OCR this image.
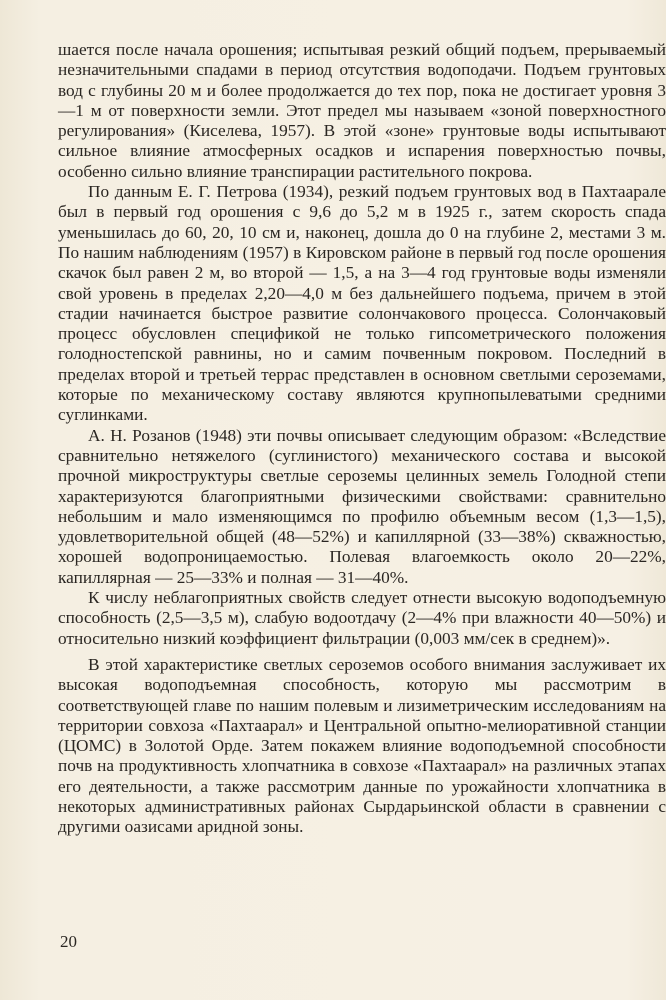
шается после начала орошения; испытывая резкий общий подъем, прерываемый незначительными спадами в период отсутствия водоподачи. Подъем грунтовых вод с глубины 20 м и более продолжается до тех пор, пока не достигает уровня 3—1 м от поверхности земли. Этот предел мы называем «зоной поверхностного регулирования» (Киселева, 1957). В этой «зоне» грунтовые воды испытывают сильное влияние атмосферных осадков и испарения поверхностью почвы, особенно сильно влияние транспирации растительного покрова.

По данным Е. Г. Петрова (1934), резкий подъем грунтовых вод в Пахтаарале был в первый год орошения с 9,6 до 5,2 м в 1925 г., затем скорость спада уменьшилась до 60, 20, 10 см и, наконец, дошла до 0 на глубине 2, местами 3 м. По нашим наблюдениям (1957) в Кировском районе в первый год после орошения скачок был равен 2 м, во второй — 1,5, а на 3—4 год грунтовые воды изменяли свой уровень в пределах 2,20—4,0 м без дальнейшего подъема, причем в этой стадии начинается быстрое развитие солончакового процесса. Солончаковый процесс обусловлен спецификой не только гипсометрического положения голодностепской равнины, но и самим почвенным покровом. Последний в пределах второй и третьей террас представлен в основном светлыми сероземами, которые по механическому составу являются крупнопылеватыми средними суглинками.

А. Н. Розанов (1948) эти почвы описывает следующим образом: «Вследствие сравнительно нетяжелого (суглинистого) механического состава и высокой прочной микроструктуры светлые сероземы целинных земель Голодной степи характеризуются благоприятными физическими свойствами: сравнительно небольшим и мало изменяющимся по профилю объемным весом (1,3—1,5), удовлетворительной общей (48—52%) и капиллярной (33—38%) скважностью, хорошей водопроницаемостью. Полевая влагоемкость около 20—22%, капиллярная — 25—33% и полная — 31—40%.

К числу неблагоприятных свойств следует отнести высокую водоподъемную способность (2,5—3,5 м), слабую водоотдачу (2—4% при влажности 40—50%) и относительно низкий коэффициент фильтрации (0,003 мм/сек в среднем)».

В этой характеристике светлых сероземов особого внимания заслуживает их высокая водоподъемная способность, которую мы рассмотрим в соответствующей главе по нашим полевым и лизиметрическим исследованиям на территории совхоза «Пахтаарал» и Центральной опытно-мелиоративной станции (ЦОМС) в Золотой Орде. Затем покажем влияние водоподъемной способности почв на продуктивность хлопчатника в совхозе «Пахтаарал» на различных этапах его деятельности, а также рассмотрим данные по урожайности хлопчатника в некоторых административных районах Сырдарьинской области в сравнении с другими оазисами аридной зоны.

20
